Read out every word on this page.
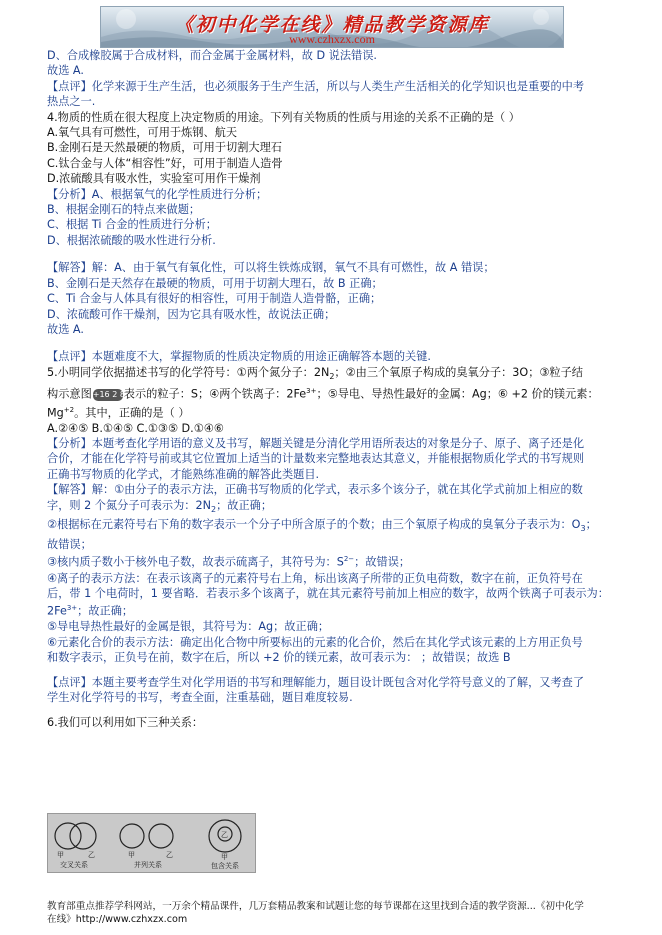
《初中化学在线》精品教学资源库
www.czhxzx.com
D、合成橡胶属于合成材料，而合金属于金属材料，故 D 说法错误.
故选 A.
【点评】化学来源于生产生活，也必须服务于生产生活，所以与人类生产生活相关的化学知识也是重要的中考
热点之一.
4.物质的性质在很大程度上决定物质的用途。下列有关物质的性质与用途的关系不正确的是（ ）
A.氧气具有可燃性，可用于炼钢、航天
B.金刚石是天然最硬的物质，可用于切割大理石
C.钛合金与人体“相容性”好，可用于制造人造骨
D.浓硫酸具有吸水性，实验室可用作干燥剂
【分析】A、根据氧气的化学性质进行分析；
B、根据金刚石的特点来做题；
C、根据 Ti 合金的性质进行分析；
D、根据浓硫酸的吸水性进行分析.
【解答】解：A、由于氧气有氧化性，可以将生铁炼成钢，氧气不具有可燃性，故 A 错误；
B、金刚石是天然存在最硬的物质，可用于切割大理石，故 B 正确；
C、Ti 合金与人体具有很好的相容性，可用于制造人造骨骼，正确；
D、浓硫酸可作干燥剂，因为它具有吸水性，故说法正确；
故选 A.
【点评】本题难度不大，掌握物质的性质决定物质的用途正确解答本题的关键.
5.小明同学依据描述书写的化学符号：①两个氮分子：$2N_2$；②由三个氧原子构成的臭氧分子：3O；③粒子结
构示意图+16 2 8 8表示的粒子：S；④两个铁离子：$2Fe^{3+}$；⑤导电、导热性最好的金属：Ag；⑥ +2 价的镁元素：
$Mg^{+2}$。其中，正确的是（ ）
A.②④⑤ B.①④⑤ C.①③⑤ D.①④⑥
【分析】本题考查化学用语的意义及书写，解题关键是分清化学用语所表达的对象是分子、原子、离子还是化
合价，才能在化学符号前或其它位置加上适当的计量数来完整地表达其意义，并能根据物质化学式的书写规则
正确书写物质的化学式，才能熟练准确的解答此类题目.
【解答】解：①由分子的表示方法，正确书写物质的化学式，表示多个该分子，就在其化学式前加上相应的数
字，则 2 个氮分子可表示为：$2N_2$；故正确；
②根据标在元素符号右下角的数字表示一个分子中所含原子的个数；由三个氧原子构成的臭氧分子表示为：$O_3$；
故错误；
③核内质子数小于核外电子数，故表示硫离子，其符号为：$S^{2-}$；故错误；
④离子的表示方法：在表示该离子的元素符号右上角，标出该离子所带的正负电荷数，数字在前，正负符号在
后，带 1 个电荷时，1 要省略．若表示多个该离子，就在其元素符号前加上相应的数字，故两个铁离子可表示为：
$2Fe^{3+}$；故正确；
⑤导电导热性最好的金属是银，其符号为：Ag；故正确；
⑥元素化合价的表示方法：确定出化合物中所要标出的元素的化合价，然后在其化学式该元素的上方用正负号
和数字表示，正负号在前，数字在后，所以 +2 价的镁元素，故可表示为： ；故错误；故选 B
【点评】本题主要考查学生对化学用语的书写和理解能力，题目设计既包含对化学符号意义的了解，又考查了
学生对化学符号的书写，考查全面，注重基础，题目难度较易.
6.我们可以利用如下三种关系：
甲	乙
交叉关系
甲	乙
并列关系
乙
甲
包含关系
教育部重点推荐学科网站，一万余个精品课件，几万套精品教案和试题让您的每节课都在这里找到合适的教学资源...《初中化学
在线》http://www.czhxzx.com
